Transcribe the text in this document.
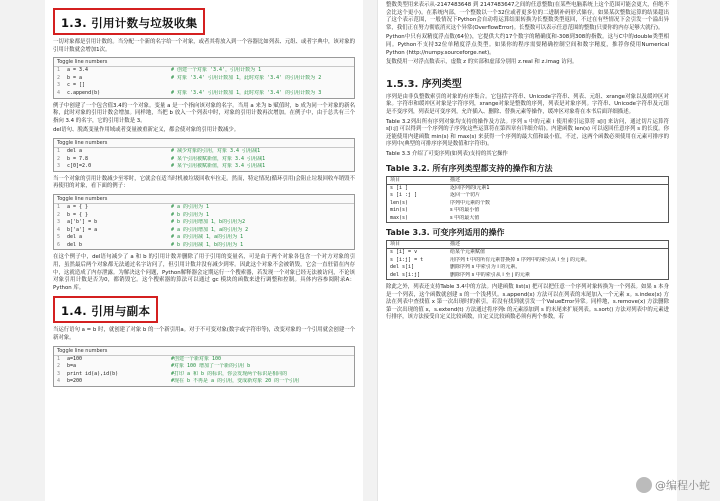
1.3. 引用计数与垃圾收集

一切对象都是引用计数的。当分配一个新的名字给一个对象，或者其将放入到一个容器比如列表、元组、或者字典中，该对象的引用计数就会增加1次。

Toggle line numbers
1	a = 3.4	# 创建一个对象 '3.4'，引用计数为 1
2	b = a	# 对象 '3.4' 引用计数加 1，此时对象 '3.4' 的引用计数为 2
3	c = []
4	c.append(b)	# 对象 '3.4' 引用计数加 1，此时对象 '3.4' 的引用计数为 3

例子中创建了一个包含值3.4的一个对象。变量 a 是一个指向该对象的名字。当用 a 来为 b 赋值时，b 成为同一个对象的新名称，此时对象的引用计数会增加。同样地，当把 b 放入一个列表中时，对象的引用计数再次增加。在例子中，由于总共有三个指向 3.4 的名字，它的引用计数是 3。

del语句、脱离变量作用域或者变量被重新定义，都会使对象的引用计数减少。

Toggle line numbers
1	del a	# 减少对象的引用，对象 3.4 引用减1
2	b = 7.8	# 某个引用被赋新值，对象 3.4 引用减1
3	c[0]=2.0	# 某个引用被赋新值，对象 3.4 引用减1

当一个对象的引用计数减少至零时，它就会在适当时机被垃圾回收车拉走。然而，特定情况(循环引用)会阻止垃圾回收车销毁不再使用的对象，看下面的例子：

Toggle line numbers
1	a = { }	# a 的引用为 1
2	b = { }	# b 的引用为 1
3	a['b'] = b	# b 的引用增加 1，b的引用为2
4	b['a'] = a	# a 的引用增加 1，a的引用为 2
5	del a	# a 的引用减 1，a的引用为 1
6	del b	# b 的引用减 1，b的引用为 1

在这个例子中，del语句减少了 a 和 b 的引用计数并删除了用于引用的变量名，可是由于两个对象各包含一个对方对象的引用，虽然最后两个对象都无法通过名字访问了，但引用计数并没有减少到零。因此这个对象不会被销毁，它会一直驻留在内存中，这就造成了内存泄露。为解决这个问题，Python解释器会定期运行一个搜索器，若发现一个对象已经无法被访问，不论该对象引用计数是否为0，都销毁它。这个搜索器的算法可以通过 gc 模块的函数来进行调整和控制。具体内容参阅附录A：Python 库。

1.4. 引用与副本

当运行语句 a = b 时，就创建了对象 b 的一个新引用a。对于不可变对象(数字或字符串等)，改变对象的一个引用就会创建一个新对象。

Toggle line numbers
1	a=100	#创建一个新对象 100
2	b=a	#对象 100 增加了一个新的引用 b
3	print id(a),id(b)	#打印 a 和 b 的标识，你会发现两个标识是相同的
4	b=200	#现在 b 不再是 a 的引用，变成新对象 20 的一个引用

整数类型用来表示从-2147483648 到 2147483647之间的任意整数(在某些电脑系统上这个范围可能会更大，但绝不会比这个更小)。在系统内部，一个整数以一个32位或者更多位的二进制补码形式储存。如果某次整数运算的结果超出了这个表示范围，一般情况下Python会自动将运算结果转换为长整数类型返回，不过在有些情况下会引发一个溢出异常，我们正在努力彻底消灭这个异常(OverflowError)。长整数可以表示任意范围的整数(只要你的内存足够大就行)。

Python中只有双精度浮点数(64位)，它提供大约17个数字的精确度和-308到308的指数。这与C中的double类型相同。Python不支持32位单精度浮点类型。如果你的程序需要精确控制空间和数字精度，推荐你使用Numerical Python (http://numpy.sourceforge.net)。

复数使用一对浮点数表示，虚数 z 的实部和虚部分别用 z.real 和 z.imag 访问。

1.5.3. 序列类型

序列是由非负整数索引的对象的有序集合。它包括字符串、Unicode字符串、列表、元组、xrange对象以及缓冲区对象。字符串和缓冲区对象是字符序列，xrange对象是整数的序列，列表是对象序列。字符串、Unicode字符串及元组是不变序列，列表是可变序列，允许插入、删除、替换元素等操作，缓冲区对象将在本书后面详细描述。

Table 3.2列出所有序列对象均支持的操作及方法。序列 s 中的元素 i 使用索引运算符 s[i] 来访问，通过切片运算符 s[i:j] 可以得到一个序列的子序列(这些运算符在第四章有详细介绍)。内建函数 len(s) 可以返回任意序列 s 的长度。你还能使用内建函数 min(s) 和 max(s) 来获得一个序列的最大值和最小值，不过，这两个函数必须使用在元素可排序的序列中(典型的可排序序列是数值和字符串)。

Table 3.3 介绍了可变序列(如列表)支持的其它操作

Table 3.2. 所有序列类型都支持的操作和方法
项目	描述
s [i ]	返回序列的i元素1
s [i :j ]	返回一个切片
len(s)	序列中元素的个数
min(s)	s 中的最小值
max(s)	s 中的最大值
Table 3.3. 可变序列适用的操作
项目	描述
s [i] = v	给某个元素赋值
s [i:j] = t	用序列 t 中的所有元素替换掉 s 序列中的索引从 i 至 j 的元素。
del s[i]	删除序列 s 中索引为 i 的元素。
del s[i:j]	删除序列 s 中的索引从 i 至 j 的元素

除此之外，列表还支持Table 3.4中的方法。内建函数 list(s) 把可以把任意一个序列对象转换为一个列表。如果 s 本身是一个列表，这个函数就创建 s 的一个浅拷贝。s.append(x) 方法可以在列表的末尾加入一个元素 x。s.index(x) 方法在列表中查找值 x 第一次出现时的索引，若没有找到就引发一个ValueError异常。同样地，s.remove(x) 方法删除第一次出现的值 x，s.extend(t) 方法通过将序列t 的元素添加到 s 的末尾来扩展列表。s.sort() 方法对列表中的元素进行排序，该方法接受自定义比较函数，自定义比较函数必须有两个参数，若

@编程小蛇
